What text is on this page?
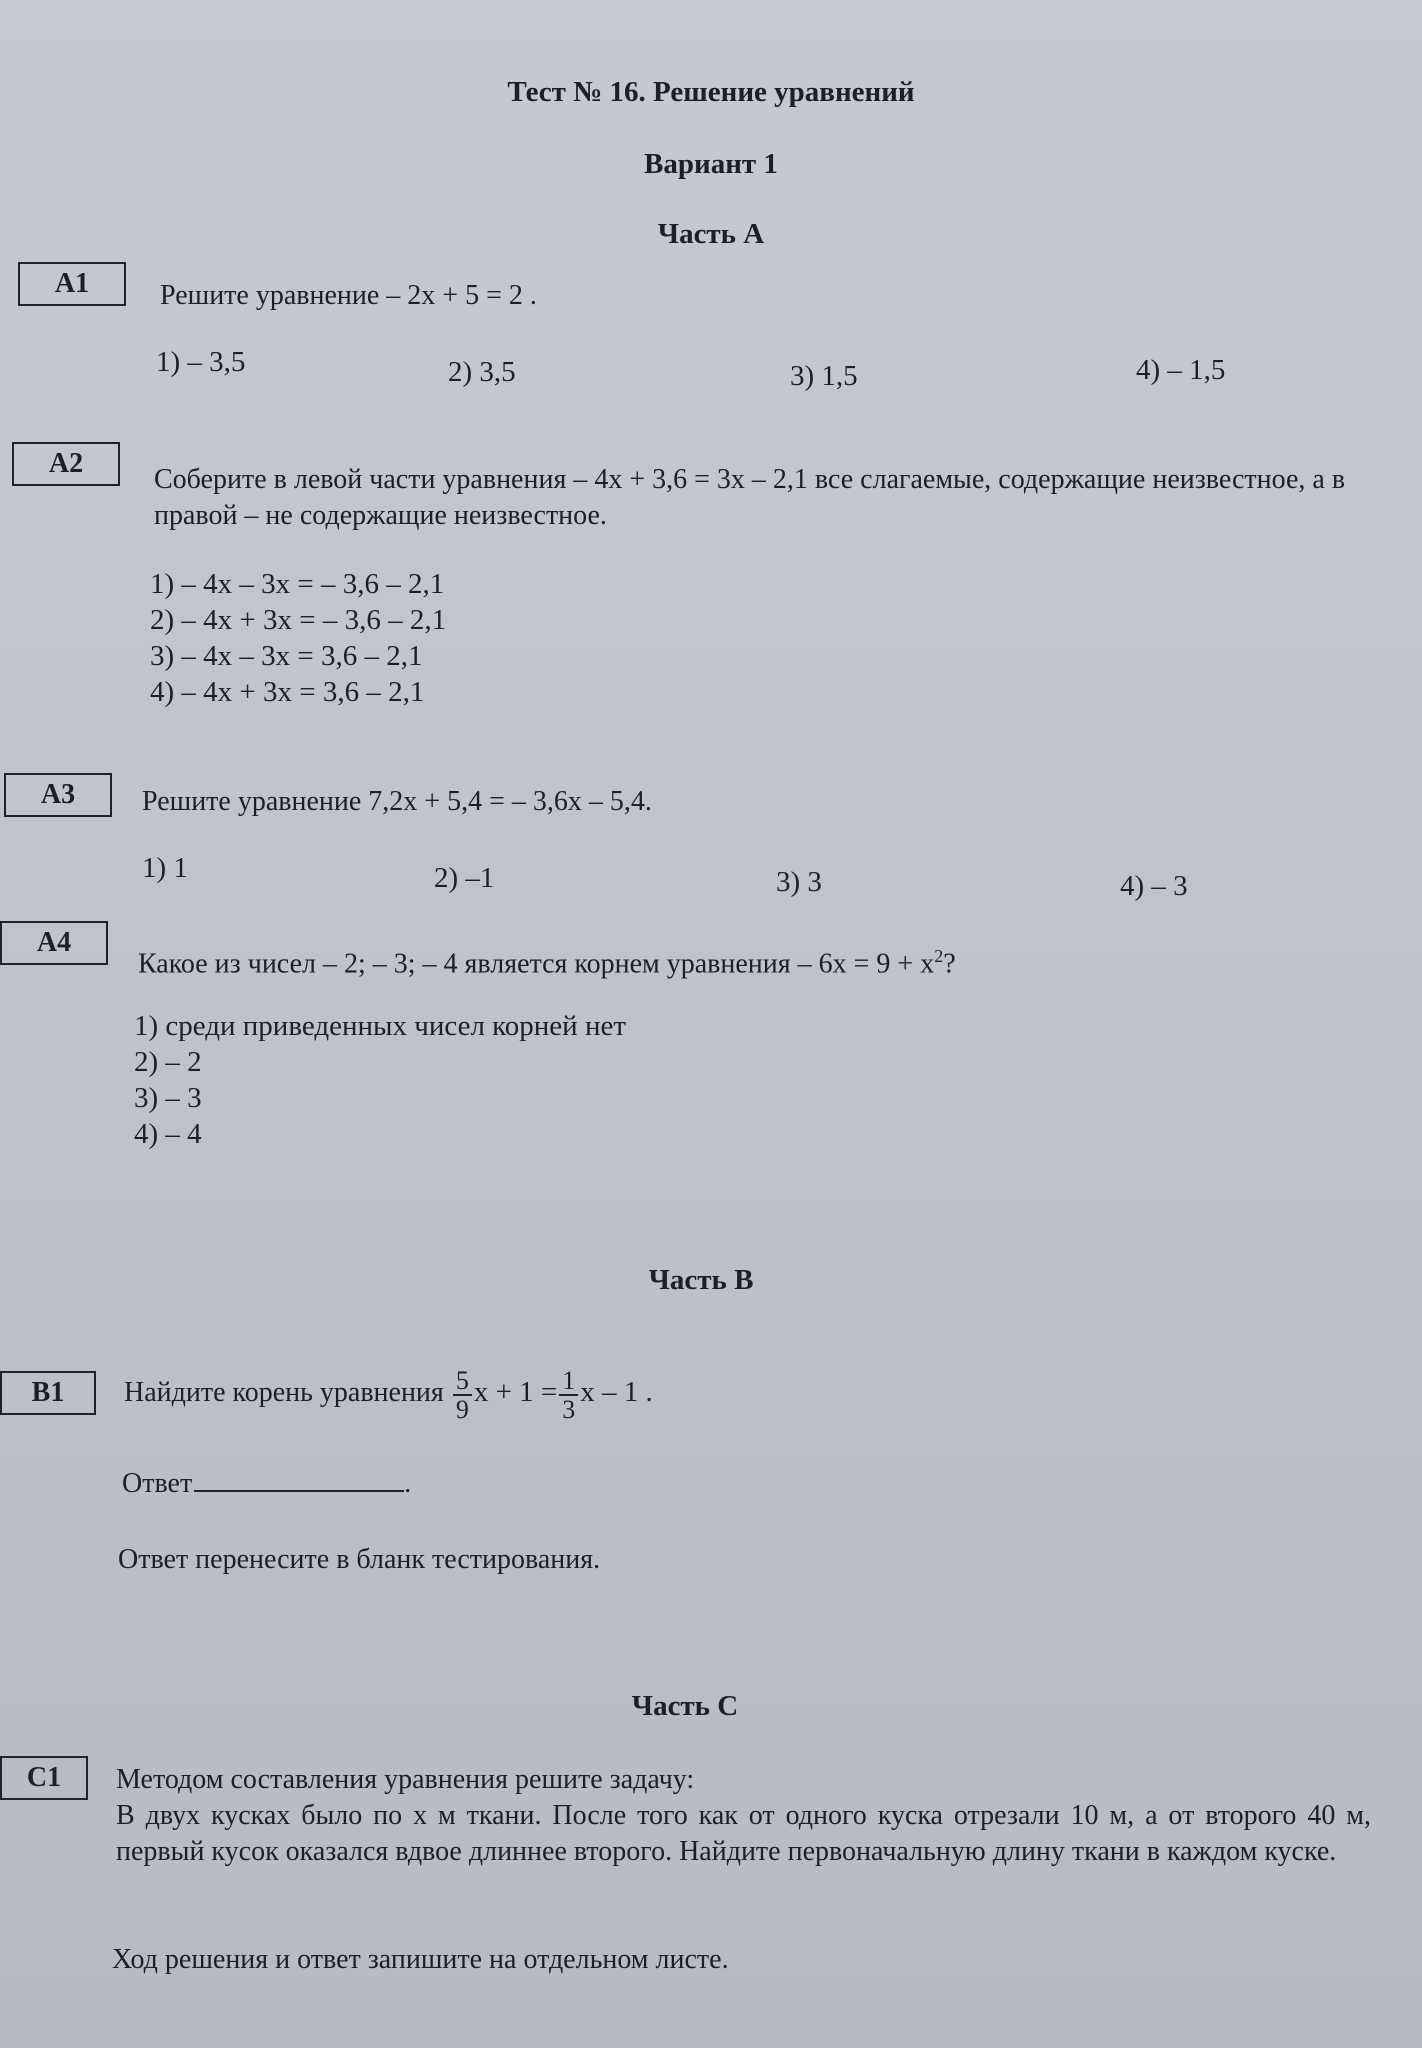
Тест № 16. Решение уравнений
Вариант 1
Часть А
А1	Решите уравнение – 2x + 5 = 2 .
1) – 3,5	2) 3,5	3) 1,5	4) – 1,5
А2
Соберите в левой части уравнения – 4x + 3,6 = 3x – 2,1 все слагаемые, содержащие неизвестное, а в правой – не содержащие неизвестное.
1) – 4x – 3x = – 3,6 – 2,1
2) – 4x + 3x = – 3,6 – 2,1
3) – 4x – 3x = 3,6 – 2,1
4) – 4x + 3x = 3,6 – 2,1
А3	Решите уравнение 7,2x + 5,4 = – 3,6x – 5,4.
1) 1	2) –1	3) 3	4) – 3
А4
Какое из чисел – 2; – 3; – 4 является корнем уравнения – $6x = 9 + x^2$?
1) среди приведенных чисел корней нет
2) – 2
3) – 3
4) – 4
Часть В
В1	Найдите корень уравнения $\frac{5}{9}$ $x + 1 = \frac{1}{3}$ x – 1 .
Ответ	.
Ответ перенесите в бланк тестирования.
Часть С
С1	Методом составления уравнения решите задачу:
В двух кусках было по x м ткани. После того как от одного куска отрезали 10 м, а от второго 40 м, первый кусок оказался вдвое длиннее второго. Найдите первоначальную длину ткани в каждом куске.
Ход решения и ответ запишите на отдельном листе.
